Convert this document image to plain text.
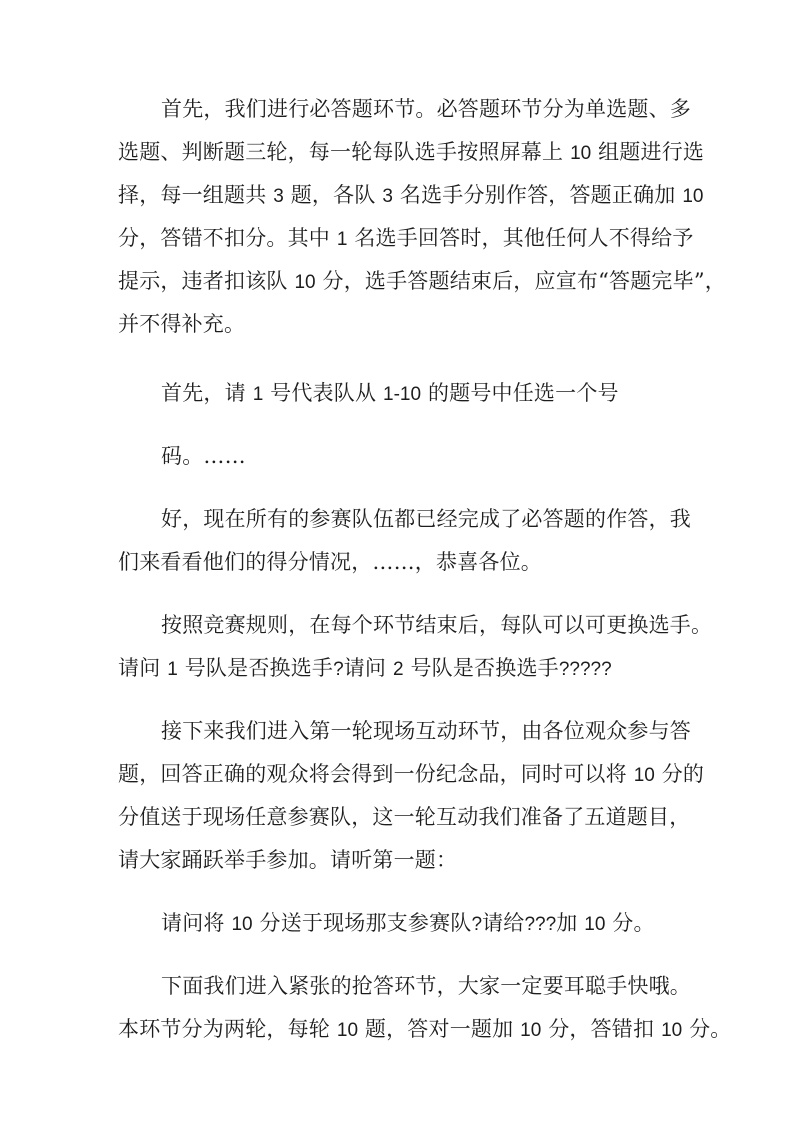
首先，我们进行必答题环节。必答题环节分为单选题、多
选题、判断题三轮，每一轮每队选手按照屏幕上 10 组题进行选
择，每一组题共 3 题，各队 3 名选手分别作答，答题正确加 10
分，答错不扣分。其中 1 名选手回答时，其他任何人不得给予
提示，违者扣该队 10 分，选手答题结束后，应宣布“答题完毕”，
并不得补充。
首先，请 1 号代表队从 1-10 的题号中任选一个号
码。……
好，现在所有的参赛队伍都已经完成了必答题的作答，我
们来看看他们的得分情况，……，恭喜各位。
按照竞赛规则，在每个环节结束后，每队可以可更换选手。
请问 1 号队是否换选手?请问 2 号队是否换选手?????
接下来我们进入第一轮现场互动环节，由各位观众参与答
题，回答正确的观众将会得到一份纪念品，同时可以将 10 分的
分值送于现场任意参赛队，这一轮互动我们准备了五道题目，
请大家踊跃举手参加。请听第一题：
请问将 10 分送于现场那支参赛队?请给???加 10 分。
下面我们进入紧张的抢答环节，大家一定要耳聪手快哦。
本环节分为两轮，每轮 10 题，答对一题加 10 分，答错扣 10 分。
